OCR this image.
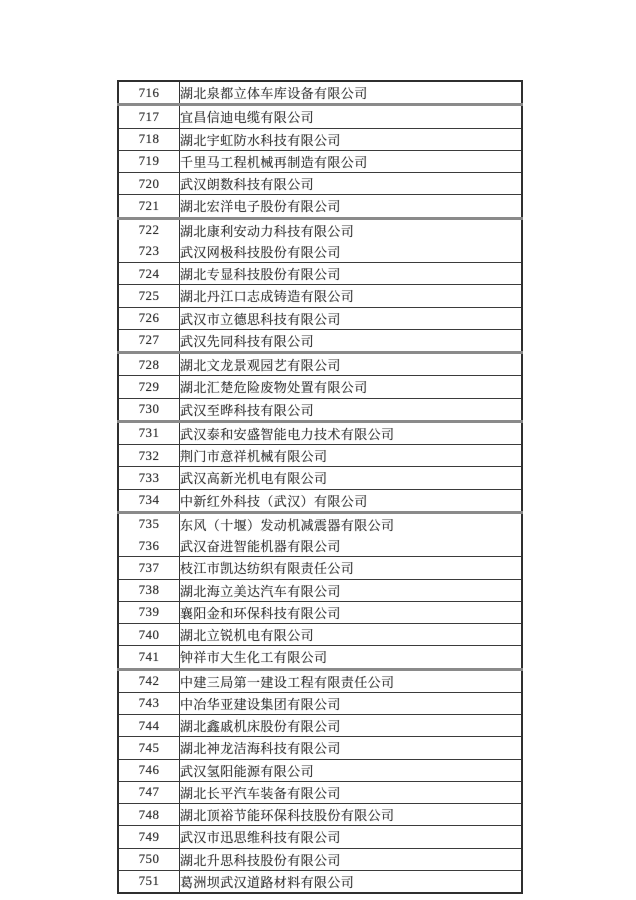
716	湖北泉都立体车库设备有限公司
717	宜昌信迪电缆有限公司
718	湖北宇虹防水科技有限公司
719	千里马工程机械再制造有限公司
720	武汉朗数科技有限公司
721	湖北宏洋电子股份有限公司
722	湖北康利安动力科技有限公司
723	武汉网极科技股份有限公司
724	湖北专显科技股份有限公司
725	湖北丹江口志成铸造有限公司
726	武汉市立德思科技有限公司
727	武汉先同科技有限公司
728	湖北文龙景观园艺有限公司
729	湖北汇楚危险废物处置有限公司
730	武汉至晔科技有限公司
731	武汉泰和安盛智能电力技术有限公司
732	荆门市意祥机械有限公司
733	武汉高新光机电有限公司
734	中新红外科技（武汉）有限公司
735	东风（十堰）发动机减震器有限公司
736	武汉奋进智能机器有限公司
737	枝江市凯达纺织有限责任公司
738	湖北海立美达汽车有限公司
739	襄阳金和环保科技有限公司
740	湖北立锐机电有限公司
741	钟祥市大生化工有限公司
742	中建三局第一建设工程有限责任公司
743	中冶华亚建设集团有限公司
744	湖北鑫戚机床股份有限公司
745	湖北神龙洁海科技有限公司
746	武汉氢阳能源有限公司
747	湖北长平汽车装备有限公司
748	湖北顶裕节能环保科技股份有限公司
749	武汉市迅思维科技有限公司
750	湖北升思科技股份有限公司
751	葛洲坝武汉道路材料有限公司
